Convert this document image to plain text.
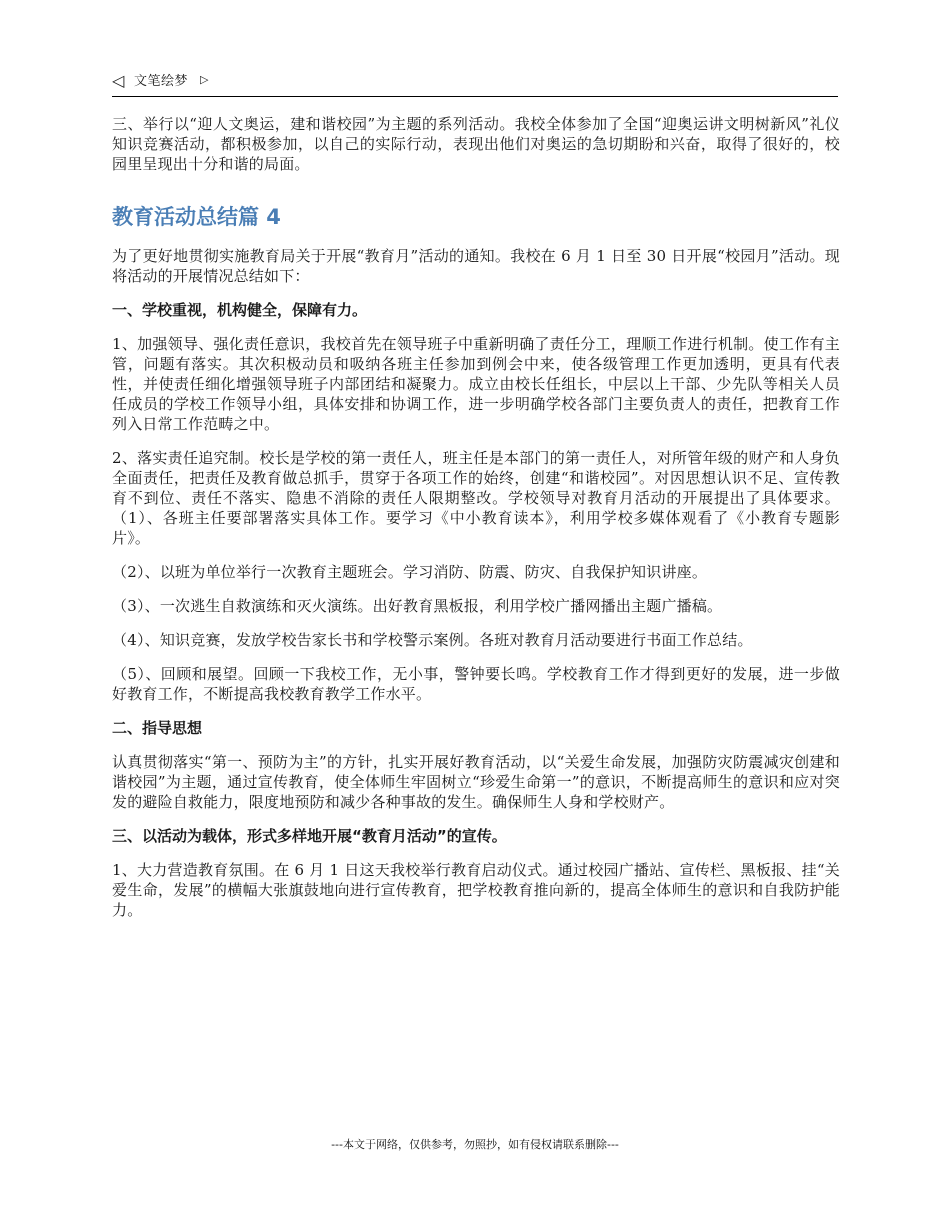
◁ 文笔绘梦 ▷

三、举行以“迎人文奥运，建和谐校园”为主题的系列活动。我校全体参加了全国“迎奥运讲文明树新风”礼仪知识竞赛活动，都积极参加，以自己的实际行动，表现出他们对奥运的急切期盼和兴奋，取得了很好的，校园里呈现出十分和谐的局面。

教育活动总结篇 4

为了更好地贯彻实施教育局关于开展“教育月”活动的通知。我校在 6 月 1 日至 30 日开展“校园月”活动。现将活动的开展情况总结如下：

一、学校重视，机构健全，保障有力。

1、加强领导、强化责任意识，我校首先在领导班子中重新明确了责任分工，理顺工作进行机制。使工作有主管，问题有落实。其次积极动员和吸纳各班主任参加到例会中来，使各级管理工作更加透明，更具有代表性，并使责任细化增强领导班子内部团结和凝聚力。成立由校长任组长，中层以上干部、少先队等相关人员任成员的学校工作领导小组，具体安排和协调工作，进一步明确学校各部门主要负责人的责任，把教育工作列入日常工作范畴之中。

2、落实责任追究制。校长是学校的第一责任人，班主任是本部门的第一责任人，对所管年级的财产和人身负全面责任，把责任及教育做总抓手，贯穿于各项工作的始终，创建“和谐校园”。对因思想认识不足、宣传教育不到位、责任不落实、隐患不消除的责任人限期整改。学校领导对教育月活动的开展提出了具体要求。（1）、各班主任要部署落实具体工作。要学习《中小教育读本》，利用学校多媒体观看了《小教育专题影片》。

（2）、以班为单位举行一次教育主题班会。学习消防、防震、防灾、自我保护知识讲座。

（3）、一次逃生自救演练和灭火演练。出好教育黑板报，利用学校广播网播出主题广播稿。

（4）、知识竞赛，发放学校告家长书和学校警示案例。各班对教育月活动要进行书面工作总结。

（5）、回顾和展望。回顾一下我校工作，无小事，警钟要长鸣。学校教育工作才得到更好的发展，进一步做好教育工作，不断提高我校教育教学工作水平。

二、指导思想

认真贯彻落实“第一、预防为主”的方针，扎实开展好教育活动，以“关爱生命发展，加强防灾防震减灾创建和谐校园”为主题，通过宣传教育，使全体师生牢固树立“珍爱生命第一”的意识，不断提高师生的意识和应对突发的避险自救能力，限度地预防和减少各种事故的发生。确保师生人身和学校财产。

三、以活动为载体，形式多样地开展“教育月活动”的宣传。

1、大力营造教育氛围。在 6 月 1 日这天我校举行教育启动仪式。通过校园广播站、宣传栏、黑板报、挂“关爱生命，发展”的横幅大张旗鼓地向进行宣传教育，把学校教育推向新的，提高全体师生的意识和自我防护能力。

---本文于网络，仅供参考，勿照抄，如有侵权请联系删除---
